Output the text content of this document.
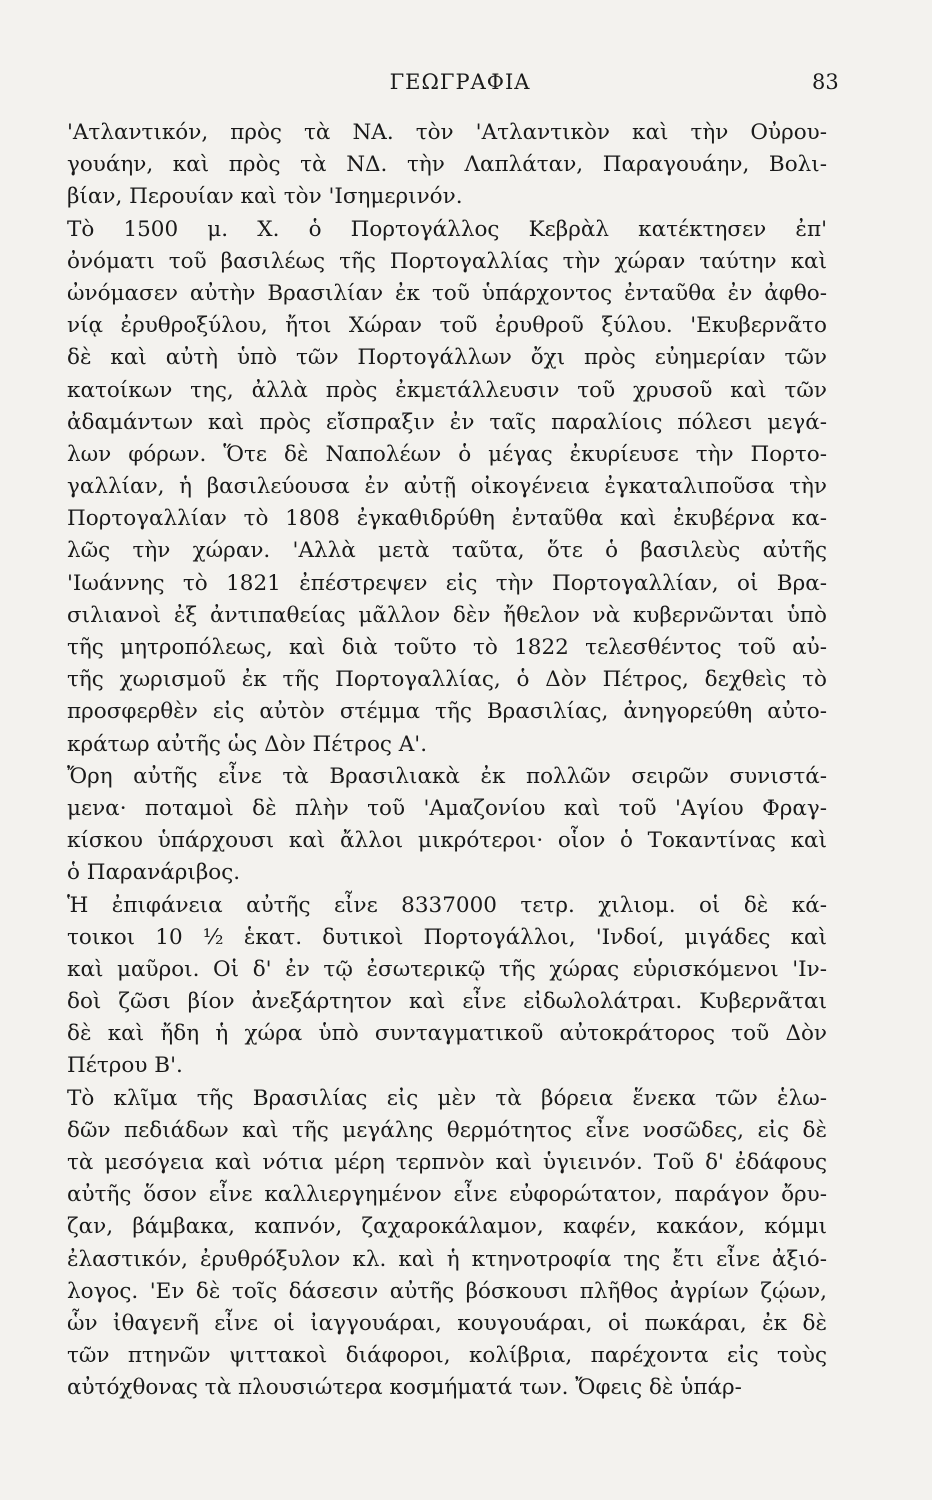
ΓΕΩΓΡΑΦΙΑ	83
'Ατλαντικόν, πρὸς τὰ ΝΑ. τὸν 'Ατλαντικὸν καὶ τὴν Οὐρου-
γουάην, καὶ πρὸς τὰ ΝΔ. τὴν Λαπλάταν, Παραγουάην, Βολι-
βίαν, Περουίαν καὶ τὸν 'Ισημερινόν.
Τὸ 1500 μ. Χ. ὁ Πορτογάλλος Κεβρὰλ κατέκτησεν ἐπ'
ὀνόματι τοῦ βασιλέως τῆς Πορτογαλλίας τὴν χώραν ταύτην καὶ
ὠνόμασεν αὐτὴν Βρασιλίαν ἐκ τοῦ ὑπάρχοντος ἐνταῦθα ἐν ἀφθο-
νίᾳ ἐρυθροξύλου, ἤτοι Χώραν τοῦ ἐρυθροῦ ξύλου. 'Εκυβερνᾶτο
δὲ καὶ αὐτὴ ὑπὸ τῶν Πορτογάλλων ὄχι πρὸς εὐημερίαν τῶν
κατοίκων της, ἀλλὰ πρὸς ἐκμετάλλευσιν τοῦ χρυσοῦ καὶ τῶν
ἀδαμάντων καὶ πρὸς εἴσπραξιν ἐν ταῖς παραλίοις πόλεσι μεγά-
λων φόρων. Ὅτε δὲ Ναπολέων ὁ μέγας ἐκυρίευσε τὴν Πορτο-
γαλλίαν, ἡ βασιλεύουσα ἐν αὐτῇ οἰκογένεια ἐγκαταλιποῦσα τὴν
Πορτογαλλίαν τὸ 1808 ἐγκαθιδρύθη ἐνταῦθα καὶ ἐκυβέρνα κα-
λῶς τὴν χώραν. 'Αλλὰ μετὰ ταῦτα, ὅτε ὁ βασιλεὺς αὐτῆς
'Ιωάννης τὸ 1821 ἐπέστρεψεν εἰς τὴν Πορτογαλλίαν, οἱ Βρα-
σιλιανοὶ ἐξ ἀντιπαθείας μᾶλλον δὲν ἤθελον νὰ κυβερνῶνται ὑπὸ
τῆς μητροπόλεως, καὶ διὰ τοῦτο τὸ 1822 τελεσθέντος τοῦ αὐ-
τῆς χωρισμοῦ ἐκ τῆς Πορτογαλλίας, ὁ Δὸν Πέτρος, δεχθεὶς τὸ
προσφερθὲν εἰς αὐτὸν στέμμα τῆς Βρασιλίας, ἀνηγορεύθη αὐτο-
κράτωρ αὐτῆς ὡς Δὸν Πέτρος Α'.
Ὄρη αὐτῆς εἶνε τὰ Βρασιλιακὰ ἐκ πολλῶν σειρῶν συνιστά-
μενα· ποταμοὶ δὲ πλὴν τοῦ 'Αμαζονίου καὶ τοῦ 'Αγίου Φραγ-
κίσκου ὑπάρχουσι καὶ ἄλλοι μικρότεροι· οἷον ὁ Τοκαντίνας καὶ
ὁ Παρανάριβος.
Ἡ ἐπιφάνεια αὐτῆς εἶνε 8337000 τετρ. χιλιομ. οἱ δὲ κά-
τοικοι 10 ½ ἑκατ. δυτικοὶ Πορτογάλλοι, 'Ινδοί, μιγάδες καὶ
καὶ μαῦροι. Οἱ δ' ἐν τῷ ἐσωτερικῷ τῆς χώρας εὑρισκόμενοι 'Ιν-
δοὶ ζῶσι βίον ἀνεξάρτητον καὶ εἶνε εἰδωλολάτραι. Κυβερνᾶται
δὲ καὶ ἤδη ἡ χώρα ὑπὸ συνταγματικοῦ αὐτοκράτορος τοῦ Δὸν
Πέτρου Β'.
Τὸ κλῖμα τῆς Βρασιλίας εἰς μὲν τὰ βόρεια ἕνεκα τῶν ἑλω-
δῶν πεδιάδων καὶ τῆς μεγάλης θερμότητος εἶνε νοσῶδες, εἰς δὲ
τὰ μεσόγεια καὶ νότια μέρη τερπνὸν καὶ ὑγιεινόν. Τοῦ δ' ἐδάφους
αὐτῆς ὅσον εἶνε καλλιεργημένον εἶνε εὐφορώτατον, παράγον ὄρυ-
ζαν, βάμβακα, καπνόν, ζαχαροκάλαμον, καφέν, κακάον, κόμμι
ἐλαστικόν, ἐρυθρόξυλον κλ. καὶ ἡ κτηνοτροφία της ἔτι εἶνε ἀξιό-
λογος. 'Εν δὲ τοῖς δάσεσιν αὐτῆς βόσκουσι πλῆθος ἀγρίων ζῴων,
ὧν ἰθαγενῆ εἶνε οἱ ἰαγγουάραι, κουγουάραι, οἱ πωκάραι, ἐκ δὲ
τῶν πτηνῶν ψιττακοὶ διάφοροι, κολίβρια, παρέχοντα εἰς τοὺς
αὐτόχθονας τὰ πλουσιώτερα κοσμήματά των. Ὄφεις δὲ ὑπάρ-
